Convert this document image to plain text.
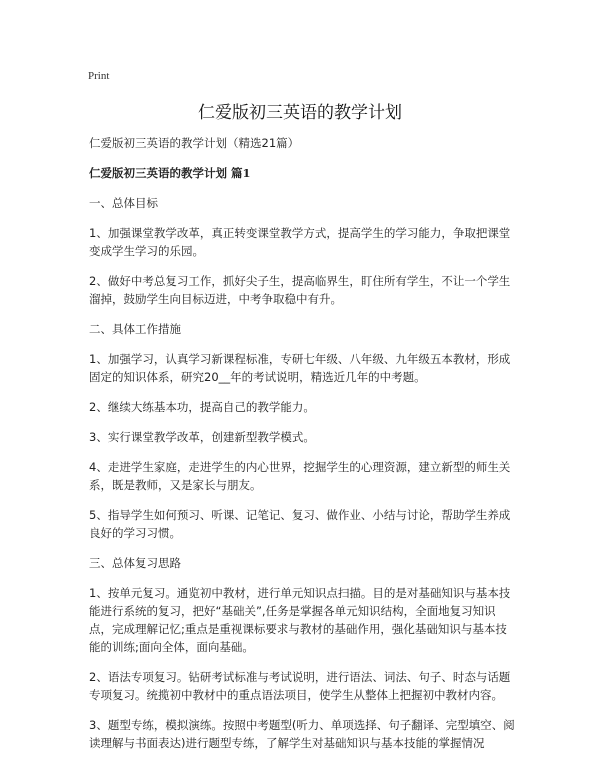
Print
仁爱版初三英语的教学计划

仁爱版初三英语的教学计划（精选21篇）

仁爱版初三英语的教学计划 篇1

一、总体目标

1、加强课堂教学改革，真正转变课堂教学方式，提高学生的学习能力，争取把课堂变成学生学习的乐园。

2、做好中考总复习工作，抓好尖子生，提高临界生，盯住所有学生，不让一个学生溜掉，鼓励学生向目标迈进，中考争取稳中有升。

二、具体工作措施

1、加强学习，认真学习新课程标准，专研七年级、八年级、九年级五本教材，形成固定的知识体系，研究20__年的考试说明，精选近几年的中考题。

2、继续大练基本功，提高自己的教学能力。

3、实行课堂教学改革，创建新型教学模式。

4、走进学生家庭，走进学生的内心世界，挖掘学生的心理资源，建立新型的师生关系，既是教师，又是家长与朋友。

5、指导学生如何预习、听课、记笔记、复习、做作业、小结与讨论，帮助学生养成良好的学习习惯。

三、总体复习思路

1、按单元复习。通览初中教材，进行单元知识点扫描。目的是对基础知识与基本技能进行系统的复习，把好“基础关”,任务是掌握各单元知识结构，全面地复习知识点，完成理解记忆;重点是重视课标要求与教材的基础作用，强化基础知识与基本技能的训练;面向全体，面向基础。

2、语法专项复习。钻研考试标准与考试说明，进行语法、词法、句子、时态与话题专项复习。统揽初中教材中的重点语法项目，使学生从整体上把握初中教材内容。

3、题型专练，模拟演练。按照中考题型(听力、单项选择、句子翻译、完型填空、阅读理解与书面表达)进行题型专练，了解学生对基础知识与基本技能的掌握情况
